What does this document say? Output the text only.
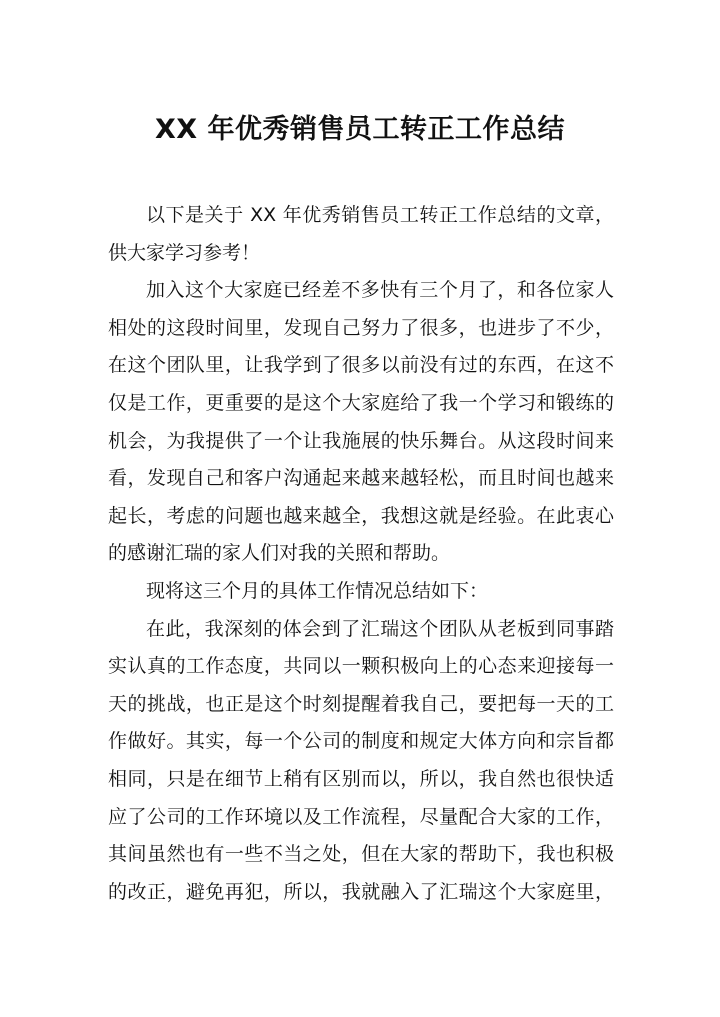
XX 年优秀销售员工转正工作总结
以下是关于 XX 年优秀销售员工转正工作总结的文章，
供大家学习参考！
加入这个大家庭已经差不多快有三个月了，和各位家人
相处的这段时间里，发现自己努力了很多，也进步了不少，
在这个团队里，让我学到了很多以前没有过的东西，在这不
仅是工作，更重要的是这个大家庭给了我一个学习和锻练的
机会，为我提供了一个让我施展的快乐舞台。从这段时间来
看，发现自己和客户沟通起来越来越轻松，而且时间也越来
起长，考虑的问题也越来越全，我想这就是经验。在此衷心
的感谢汇瑞的家人们对我的关照和帮助。
现将这三个月的具体工作情况总结如下：
在此，我深刻的体会到了汇瑞这个团队从老板到同事踏
实认真的工作态度，共同以一颗积极向上的心态来迎接每一
天的挑战，也正是这个时刻提醒着我自己，要把每一天的工
作做好。其实，每一个公司的制度和规定大体方向和宗旨都
相同，只是在细节上稍有区别而以，所以，我自然也很快适
应了公司的工作环境以及工作流程，尽量配合大家的工作，
其间虽然也有一些不当之处，但在大家的帮助下，我也积极
的改正，避免再犯，所以，我就融入了汇瑞这个大家庭里，
